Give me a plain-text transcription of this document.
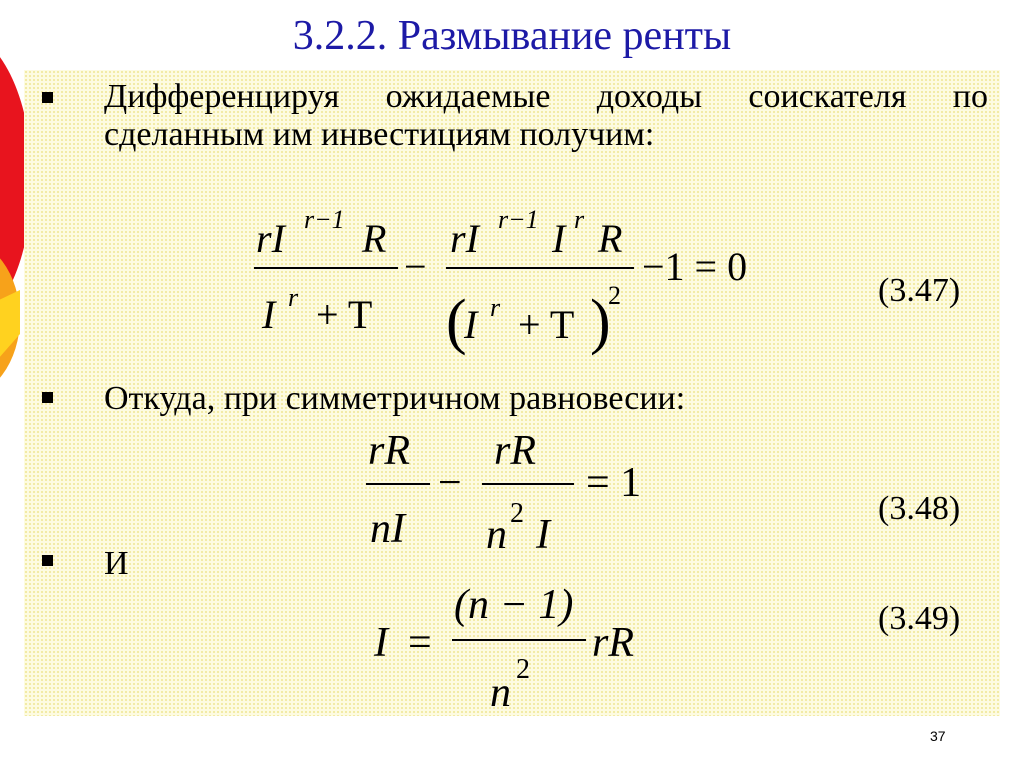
3.2.2. Размывание ренты
Дифференцируя ожидаемые доходы соискателя по сделанным им инвестициям получим:
rI r−1 R
I r + T
−
rI r−1 I r R
(
I r + T )
2
−1 = 0
(3.47)
Откуда, при симметричном равновесии:
rR
nI
−
rR
n 2 I
= 1
(3.48)
И
I =
(n − 1)
n
2
rR
(3.49)
37
